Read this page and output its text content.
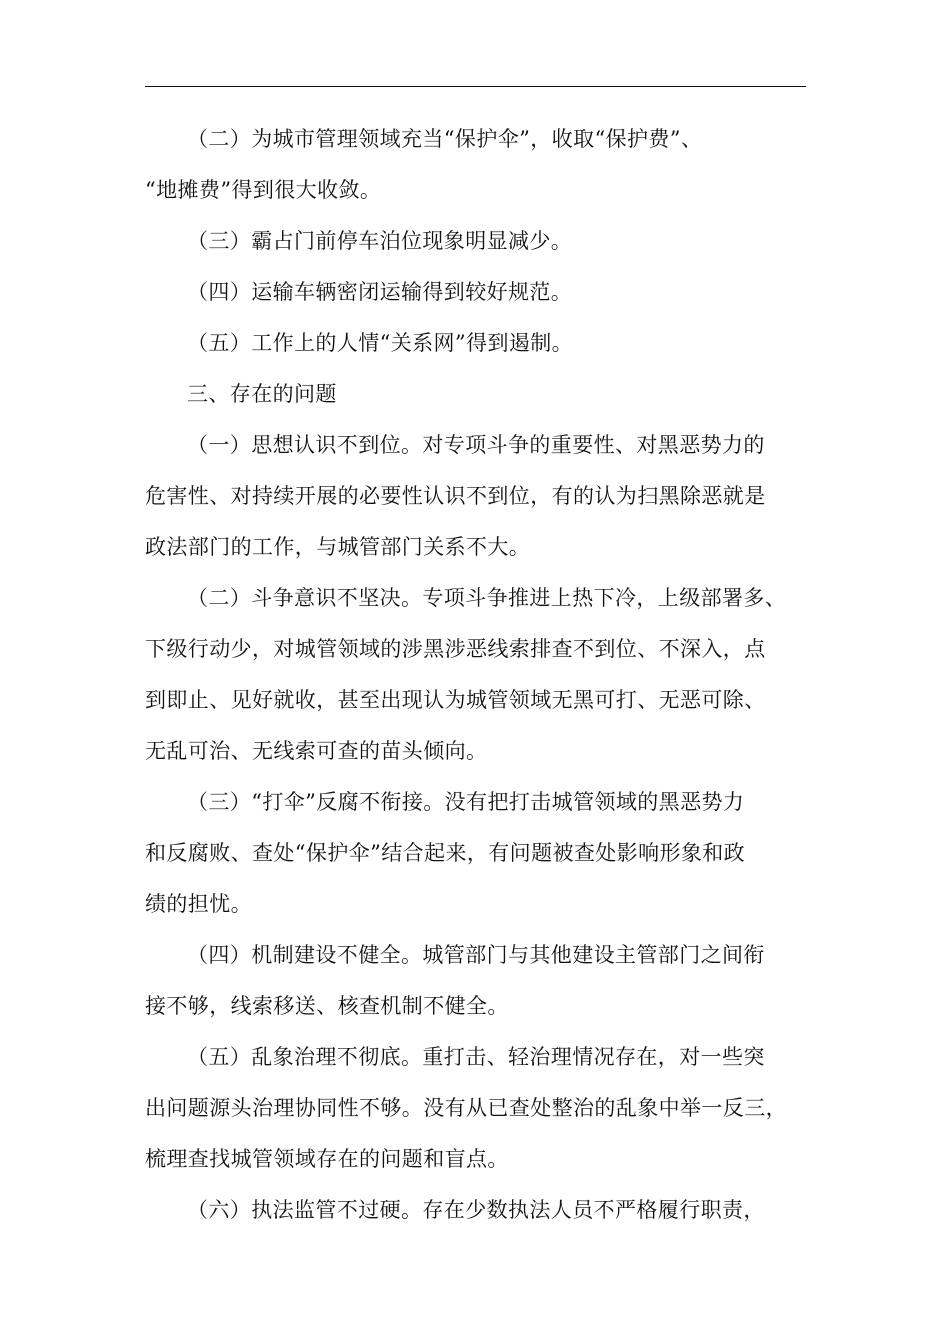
（二）为城市管理领域充当“保护伞”，收取“保护费”、
“地摊费”得到很大收敛。

（三）霸占门前停车泊位现象明显减少。

（四）运输车辆密闭运输得到较好规范。

（五）工作上的人情“关系网”得到遏制。

三、存在的问题

（一）思想认识不到位。对专项斗争的重要性、对黑恶势力的
危害性、对持续开展的必要性认识不到位，有的认为扫黑除恶就是
政法部门的工作，与城管部门关系不大。

（二）斗争意识不坚决。专项斗争推进上热下冷，上级部署多、
下级行动少，对城管领域的涉黑涉恶线索排查不到位、不深入，点
到即止、见好就收，甚至出现认为城管领域无黑可打、无恶可除、
无乱可治、无线索可查的苗头倾向。

（三）“打伞”反腐不衔接。没有把打击城管领域的黑恶势力
和反腐败、查处“保护伞”结合起来，有问题被查处影响形象和政
绩的担忧。

（四）机制建设不健全。城管部门与其他建设主管部门之间衔
接不够，线索移送、核查机制不健全。

（五）乱象治理不彻底。重打击、轻治理情况存在，对一些突
出问题源头治理协同性不够。没有从已查处整治的乱象中举一反三，
梳理查找城管领域存在的问题和盲点。

（六）执法监管不过硬。存在少数执法人员不严格履行职责，
